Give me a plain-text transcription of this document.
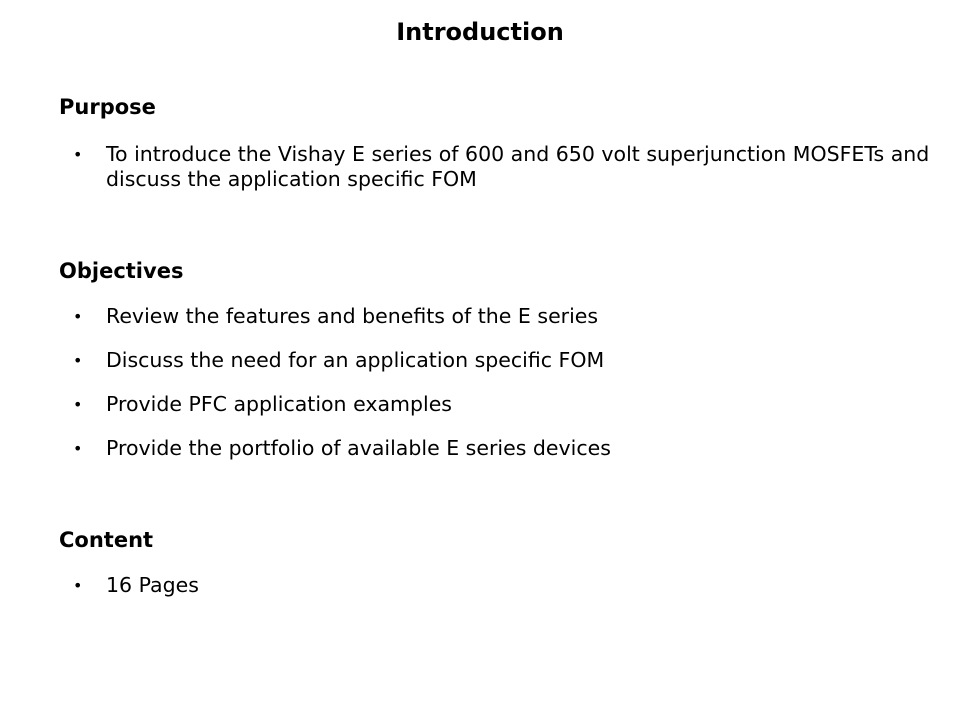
Introduction
Purpose
• To introduce the Vishay E series of 600 and 650 volt superjunction MOSFETs and discuss the application specific FOM
Objectives
• Review the features and benefits of the E series
• Discuss the need for an application specific FOM
• Provide PFC application examples
• Provide the portfolio of available E series devices
Content
• 16 Pages
